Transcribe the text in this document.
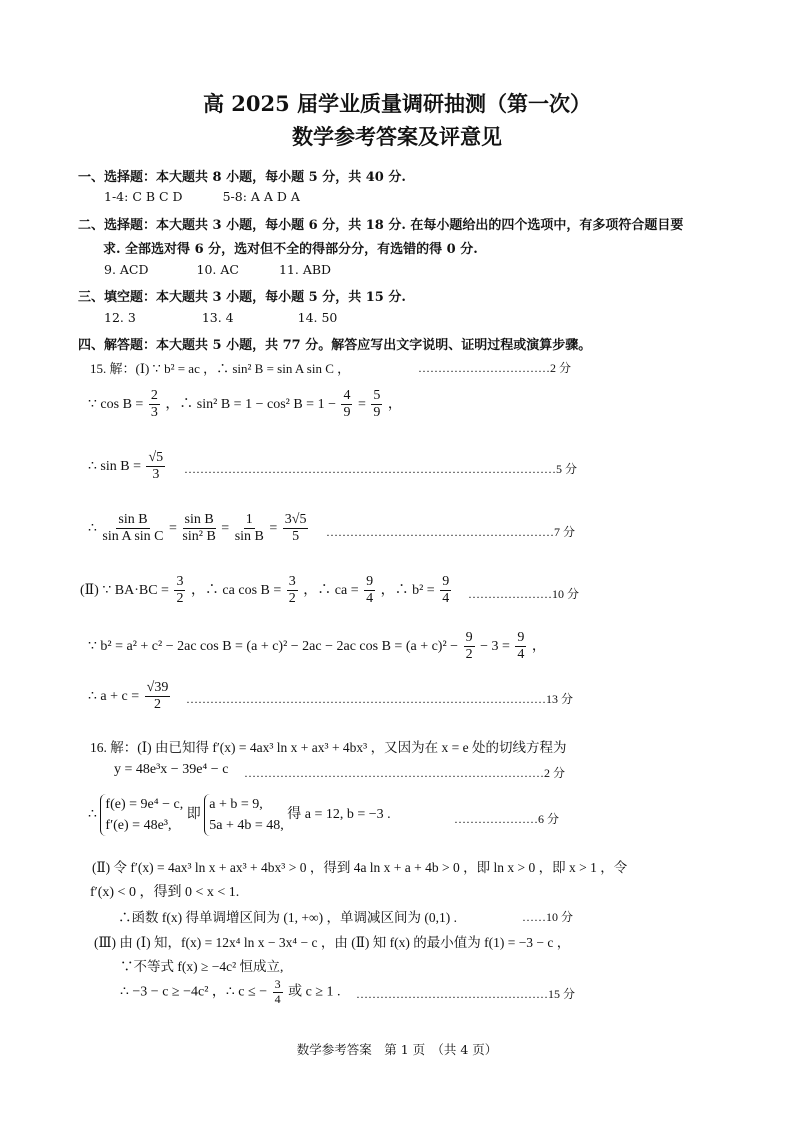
高 2025 届学业质量调研抽测（第一次）
数学参考答案及评意见
一、选择题：本大题共 8 小题，每小题 5 分，共 40 分.
1-4: C B C D	5-8: A A D A
二、选择题：本大题共 3 小题，每小题 6 分，共 18 分. 在每小题给出的四个选项中，有多项符合题目要
求. 全部选对得 6 分，选对但不全的得部分分，有选错的得 0 分.
9. ACD	10. AC	11. ABD
三、填空题：本大题共 3 小题，每小题 5 分，共 15 分.
12. 3	13. 4	14. 50
四、解答题：本大题共 5 小题，共 77 分。解答应写出文字说明、证明过程或演算步骤。
15. 解：(Ⅰ) ∵ b² = ac ，∴ sin² B = sin A sin C ，	……………………………2 分
∵ $\cos B = \frac{2}{3}$ ，∴ sin² B = 1 − cos² $B = 1 - \frac{4}{9} = \frac{5}{9}$ ，
∴ $\sin B = \frac{√5}{3}$ …………………………………………………………………………………5 分
∴ $\frac{\text{sin B}}{\text{sin A sin C}} = \frac{\text{sin B}}{\text{sin² B}} = \frac{1}{\text{sin B}} = \frac{3√5}{5}$ …………………………………………………7 分
(Ⅱ) ∵ $BA\cdot BC = \frac{3}{2}$ ，∴ ca $\cos B = \frac{3}{2}$ ，∴ ca = $\frac{9}{4}$ ，∴ $b^2 = \frac{9}{4}$ …………………10 分
∵ b² = a² + c² − 2ac cos B = (a + c)² − 2ac − 2ac $\cos B = (a + c)^2 - \frac{9}{2} - 3 = \frac{9}{4}$ ，
∴ $a + c = \frac{√39}{2}$ ………………………………………………………………………………13 分
16. 解：(Ⅰ) 由已知得 f′(x) = 4ax³ ln x + ax³ + 4bx³ ，又因为在 x = e 处的切线方程为
y = 48e³x − 39e⁴ − c …………………………………………………………………2 分
∴
f(e) = 9e⁴ − c,
f′(e) = 48e³,
即
a + b = 9,
5a + 4b = 48,
得 a = 12, b = −3 .	…………………6 分
(Ⅱ) 令 f′(x) = 4ax³ ln x + ax³ + 4bx³ > 0 ，得到 4a ln x + a + 4b > 0 ，即 ln x > 0 ，即 x > 1 ，令
f′(x) < 0 ，得到 0 < x < 1.
∴函数 f(x) 得单调增区间为 (1, +∞) ，单调减区间为 (0,1) .	……10 分
(Ⅲ) 由 (Ⅰ) 知，f(x) = 12x⁴ ln x − 3x⁴ − c ，由 (Ⅱ) 知 f(x) 的最小值为 f(1) = −3 − c ，
∵不等式 f(x) ≥ −4c² 恒成立,
∴ −3 − c ≥ −4c² ，∴ c ≤ − $\frac{3}{4}$ 或 c ≥ 1 . …………………………………………15 分
数学参考答案　第 1 页　（共 4 页）
